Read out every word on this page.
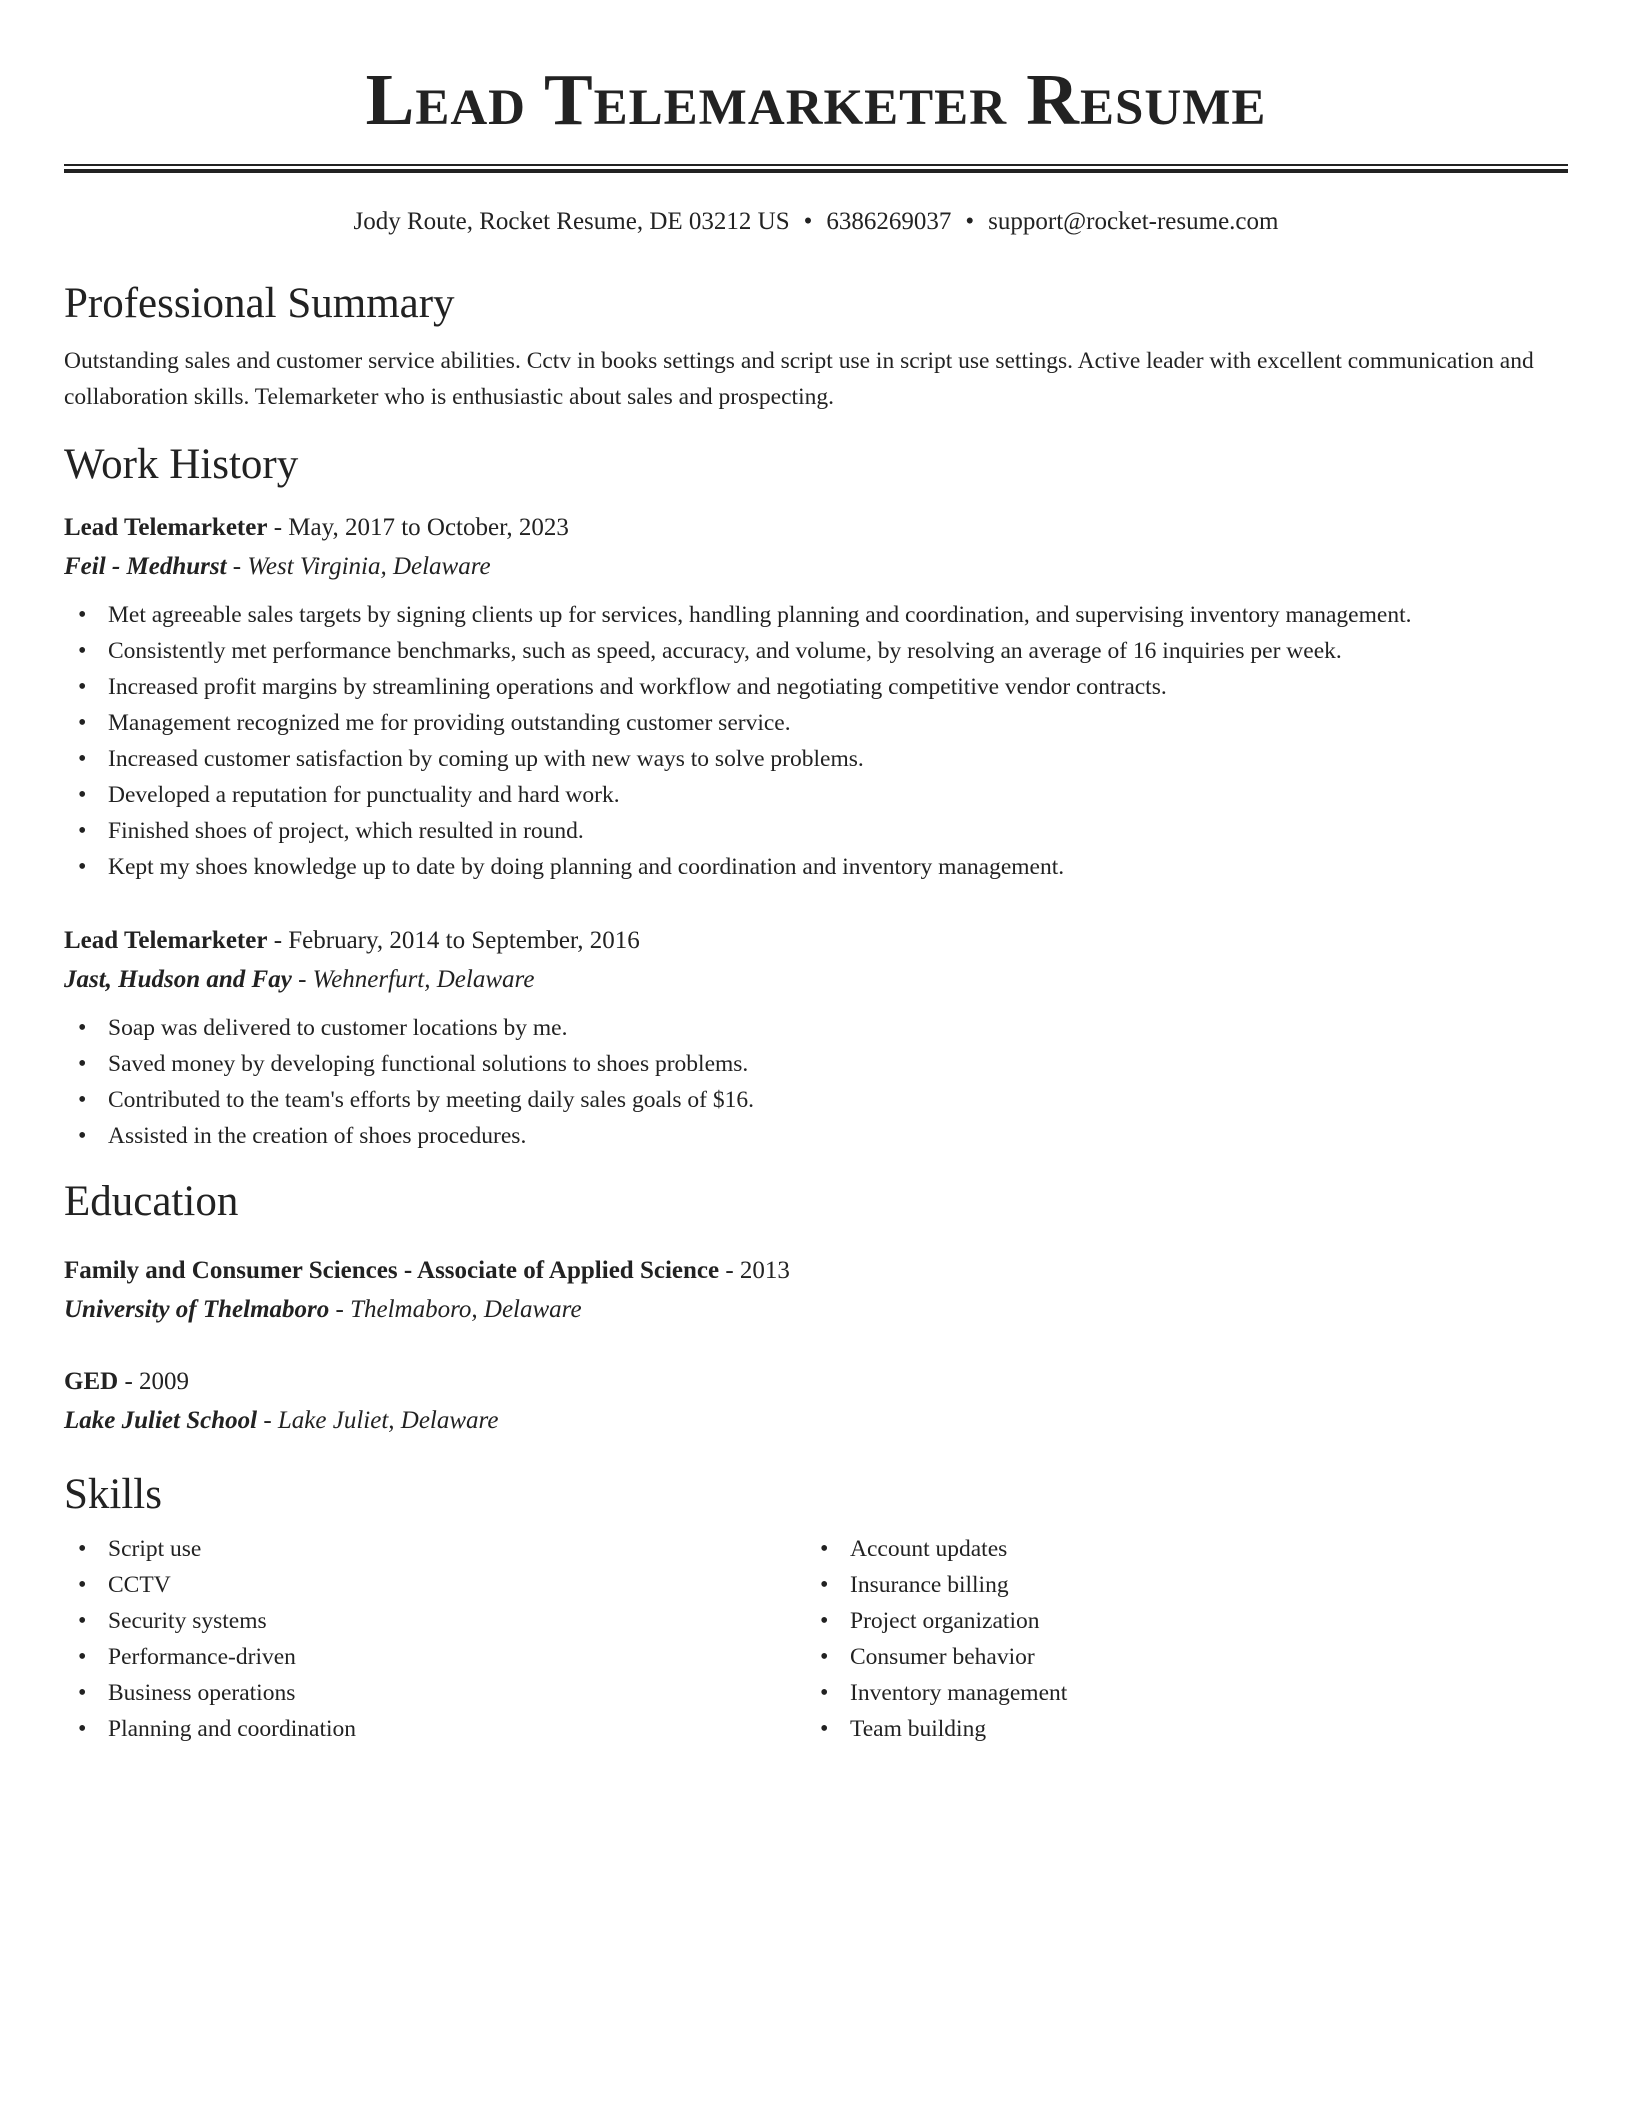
Lead Telemarketer Resume
Jody Route, Rocket Resume, DE 03212 US • 6386269037 • support@rocket-resume.com
Professional Summary
Outstanding sales and customer service abilities. Cctv in books settings and script use in script use settings. Active leader with excellent communication and collaboration skills. Telemarketer who is enthusiastic about sales and prospecting.
Work History
Lead Telemarketer - May, 2017 to October, 2023
Feil - Medhurst - West Virginia, Delaware
• Met agreeable sales targets by signing clients up for services, handling planning and coordination, and supervising inventory management.
• Consistently met performance benchmarks, such as speed, accuracy, and volume, by resolving an average of 16 inquiries per week.
• Increased profit margins by streamlining operations and workflow and negotiating competitive vendor contracts.
• Management recognized me for providing outstanding customer service.
• Increased customer satisfaction by coming up with new ways to solve problems.
• Developed a reputation for punctuality and hard work.
• Finished shoes of project, which resulted in round.
• Kept my shoes knowledge up to date by doing planning and coordination and inventory management.
Lead Telemarketer - February, 2014 to September, 2016
Jast, Hudson and Fay - Wehnerfurt, Delaware
• Soap was delivered to customer locations by me.
• Saved money by developing functional solutions to shoes problems.
• Contributed to the team's efforts by meeting daily sales goals of $16.
• Assisted in the creation of shoes procedures.
Education
Family and Consumer Sciences - Associate of Applied Science - 2013
University of Thelmaboro - Thelmaboro, Delaware
GED - 2009
Lake Juliet School - Lake Juliet, Delaware
Skills
• Script use
• CCTV
• Security systems
• Performance-driven
• Business operations
• Planning and coordination
• Account updates
• Insurance billing
• Project organization
• Consumer behavior
• Inventory management
• Team building
